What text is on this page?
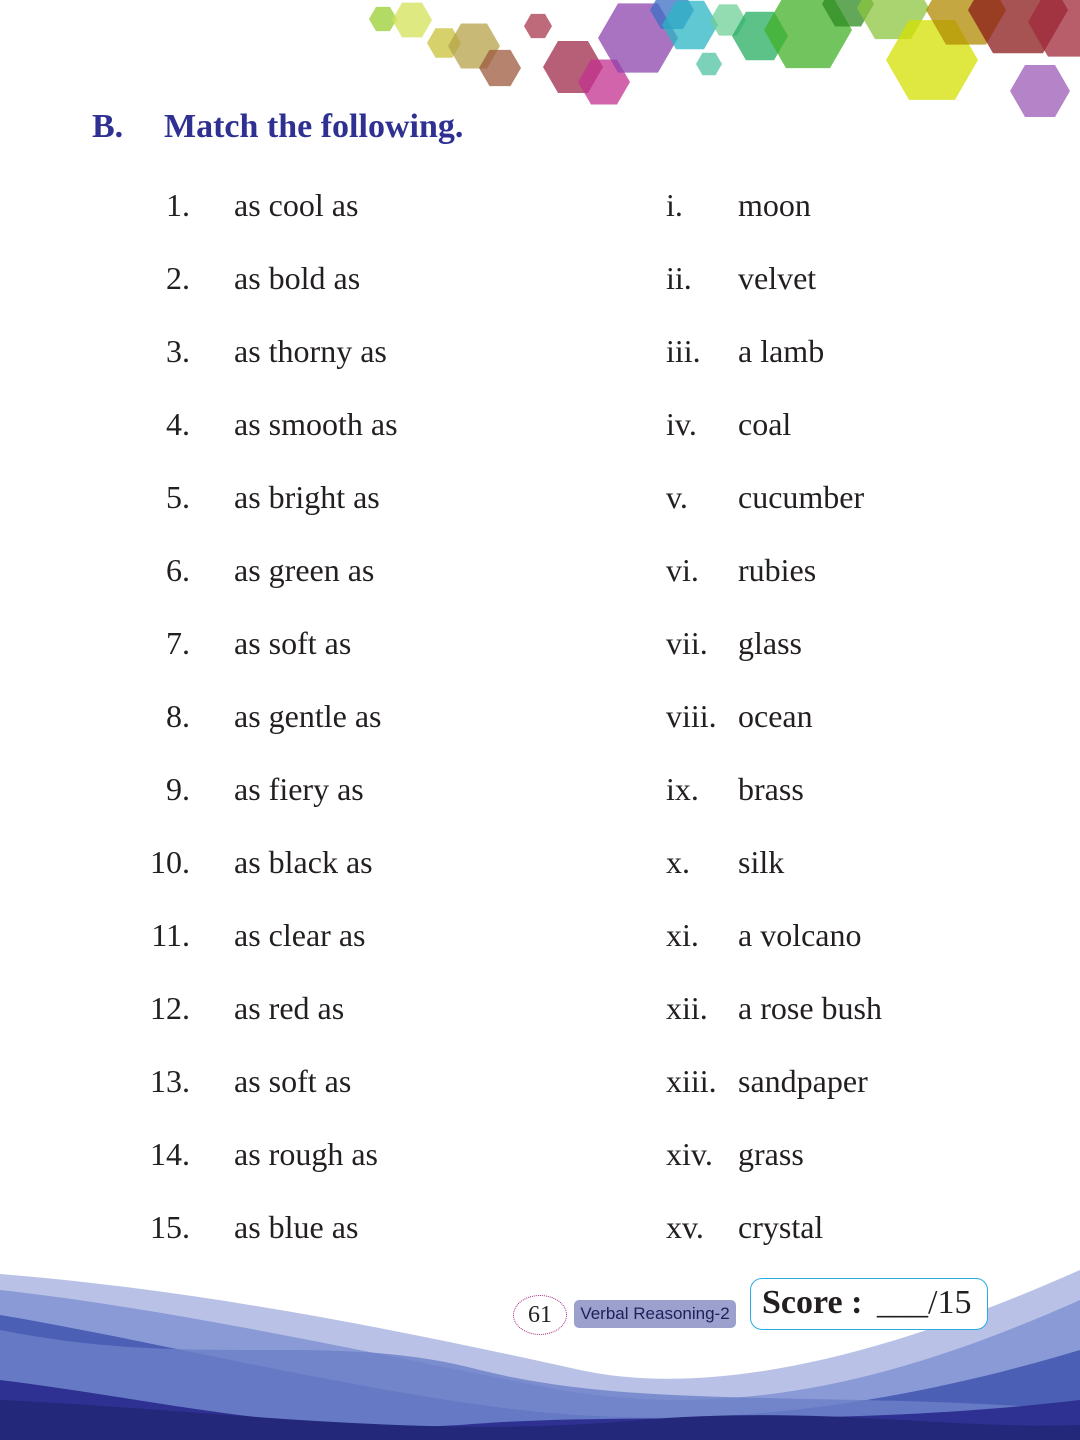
B. Match the following.
1. as cool as	i. moon
2. as bold as	ii. velvet
3. as thorny as	iii. a lamb
4. as smooth as	iv. coal
5. as bright as	v. cucumber
6. as green as	vi. rubies
7. as soft as	vii. glass
8. as gentle as	viii. ocean
9. as fiery as	ix. brass
10. as black as	x. silk
11. as clear as	xi. a volcano
12. as red as	xii. a rose bush
13. as soft as	xiii. sandpaper
14. as rough as	xiv. grass
15. as blue as	xv. crystal
61	Verbal Reasoning-2 Score : ___/15
